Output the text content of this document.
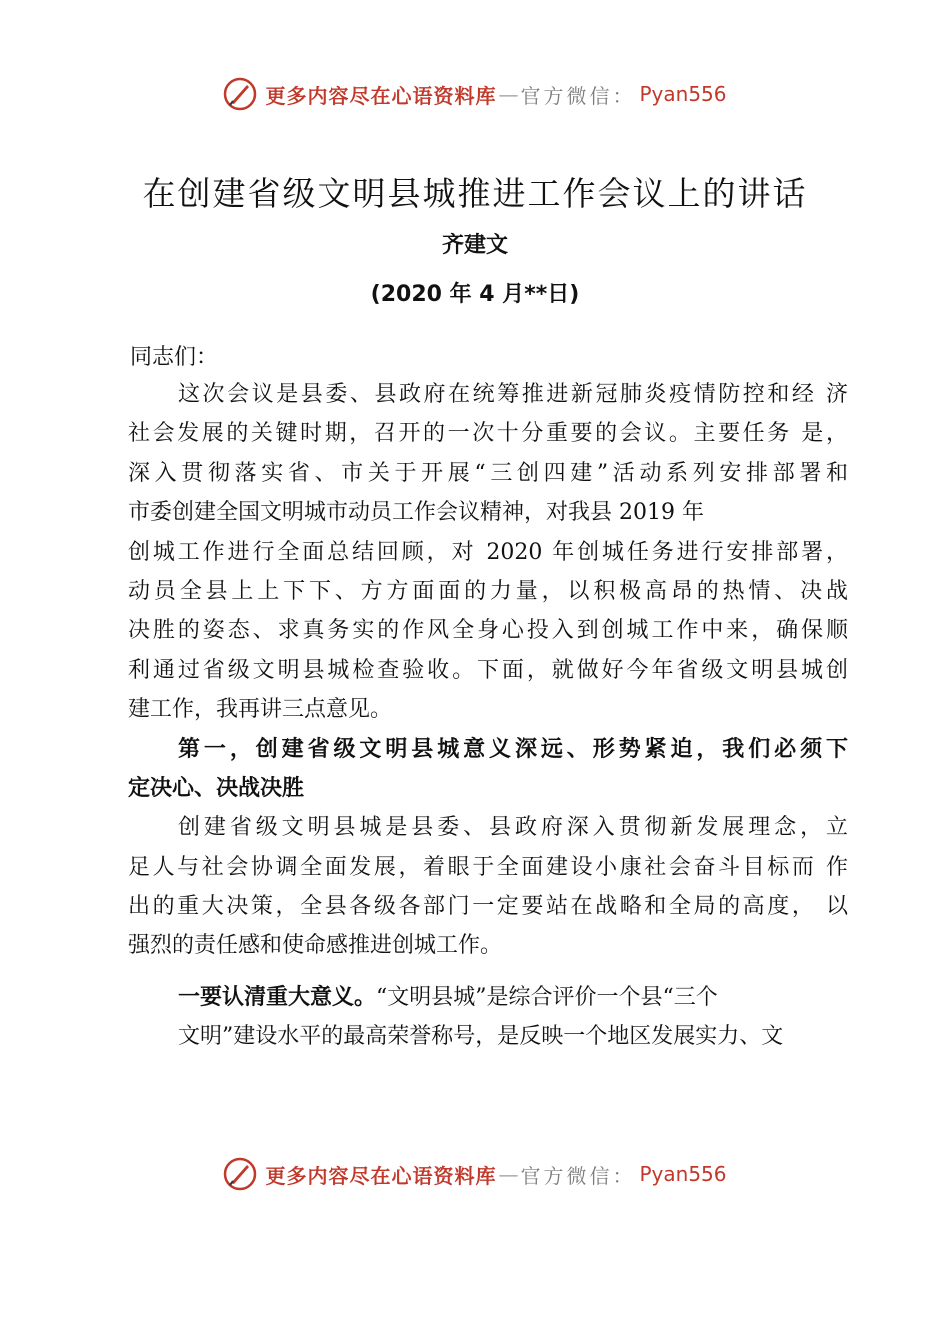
更多内容尽在心语资料库 — 官方微信： Pyan556
在创建省级文明县城推进工作会议上的讲话
齐建文
(2020 年 4 月**日)
同志们：
这次会议是县委、县政府在统筹推进新冠肺炎疫情防控和经 济
社会发展的关键时期，召开的一次十分重要的会议。主要任务 是，
深入贯彻落实省、市关于开展“三创四建”活动系列安排部署和
市委创建全国文明城市动员工作会议精神，对我县 2019 年
创城工作进行全面总结回顾，对 2020 年创城任务进行安排部署，
动员全县上上下下、方方面面的力量，以积极高昂的热情、决战
决胜的姿态、求真务实的作风全身心投入到创城工作中来，确保顺
利通过省级文明县城检查验收。下面，就做好今年省级文明县城创
建工作，我再讲三点意见。
第一，创建省级文明县城意义深远、形势紧迫，我们必须下
定决心、决战决胜
创建省级文明县城是县委、县政府深入贯彻新发展理念，立
足人与社会协调全面发展，着眼于全面建设小康社会奋斗目标而 作
出的重大决策，全县各级各部门一定要站在战略和全局的高度， 以
强烈的责任感和使命感推进创城工作。
一要认清重大意义。“文明县城”是综合评价一个县“三个
文明”建设水平的最高荣誉称号，是反映一个地区发展实力、文
更多内容尽在心语资料库 — 官方微信： Pyan556
